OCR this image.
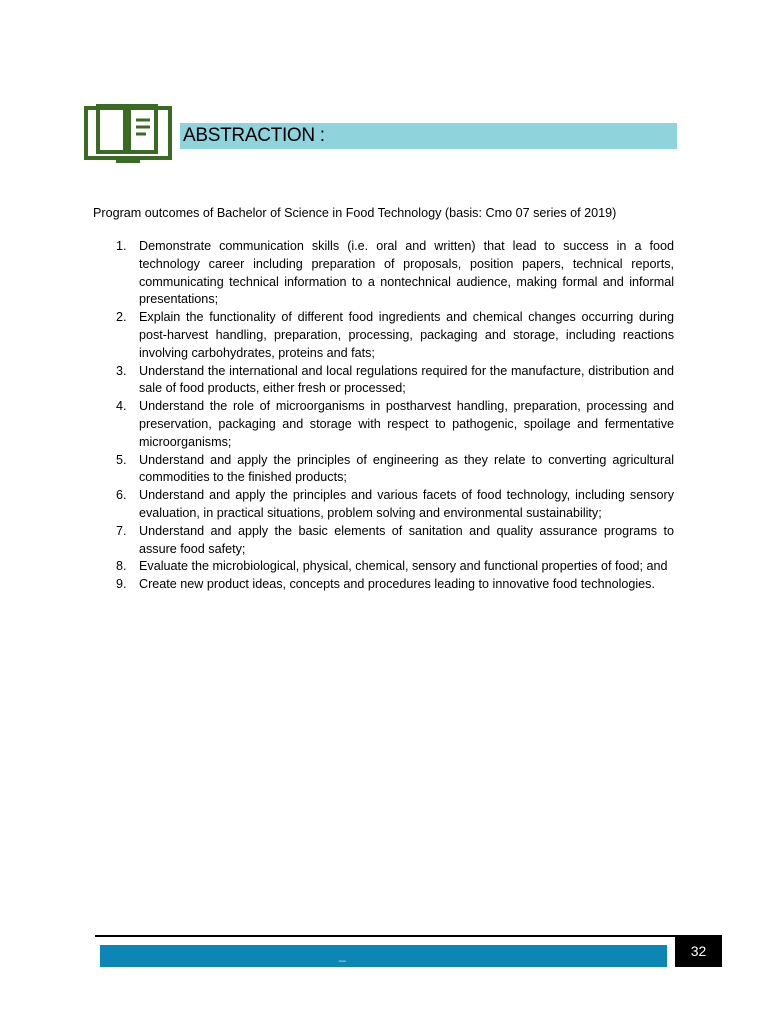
ABSTRACTION :
Program outcomes of Bachelor of Science in Food Technology (basis: Cmo 07 series of 2019)
1. Demonstrate communication skills (i.e. oral and written) that lead to success in a food technology career including preparation of proposals, position papers, technical reports, communicating technical information to a nontechnical audience, making formal and informal presentations;
2. Explain the functionality of different food ingredients and chemical changes occurring during post-harvest handling, preparation, processing, packaging and storage, including reactions involving carbohydrates, proteins and fats;
3. Understand the international and local regulations required for the manufacture, distribution and sale of food products, either fresh or processed;
4. Understand the role of microorganisms in postharvest handling, preparation, processing and preservation, packaging and storage with respect to pathogenic, spoilage and fermentative microorganisms;
5. Understand and apply the principles of engineering as they relate to converting agricultural commodities to the finished products;
6. Understand and apply the principles and various facets of food technology, including sensory evaluation, in practical situations, problem solving and environmental sustainability;
7. Understand and apply the basic elements of sanitation and quality assurance programs to assure food safety;
8. Evaluate the microbiological, physical, chemical, sensory and functional properties of food; and
9. Create new product ideas, concepts and procedures leading to innovative food technologies.
_	32
